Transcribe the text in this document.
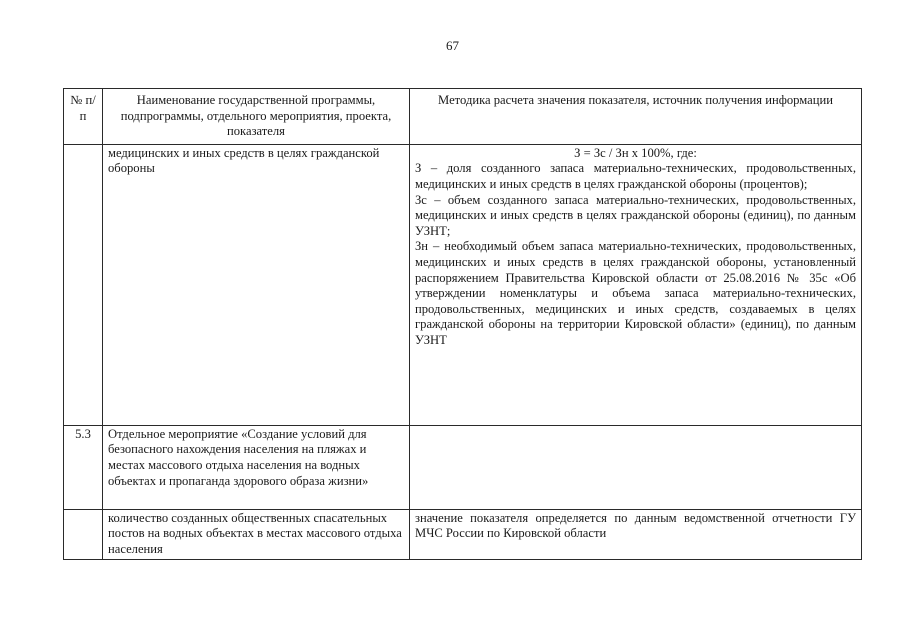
67
№ п/п	Наименование государственной программы, подпрограммы, отдельного мероприятия, проекта, показателя	Методика расчета значения показателя, источник получения информации
	медицинских и иных средств в целях гражданской обороны	З = Зс / Зн x 100%, где:
З – доля созданного запаса материально-технических, продовольственных, медицинских и иных средств в целях гражданской обороны (процентов);
Зс – объем созданного запаса материально-технических, продовольственных, медицинских и иных средств в целях гражданской обороны (единиц), по данным УЗНТ;
Зн – необходимый объем запаса материально-технических, продовольственных, медицинских и иных средств в целях гражданской обороны, установленный распоряжением Правительства Кировской области от 25.08.2016 № 35с «Об утверждении номенклатуры и объема запаса материально-технических, продовольственных, медицинских и иных средств, создаваемых в целях гражданской обороны на территории Кировской области» (единиц), по данным УЗНТ

5.3	Отдельное мероприятие «Создание условий для безопасного нахождения населения на пляжах и местах массового отдыха населения на водных объектах и пропаганда здорового образа жизни»	
	количество созданных общественных спасательных постов на водных объектах в местах массового отдыха населения	значение показателя определяется по данным ведомственной отчетности ГУ МЧС России по Кировской области
